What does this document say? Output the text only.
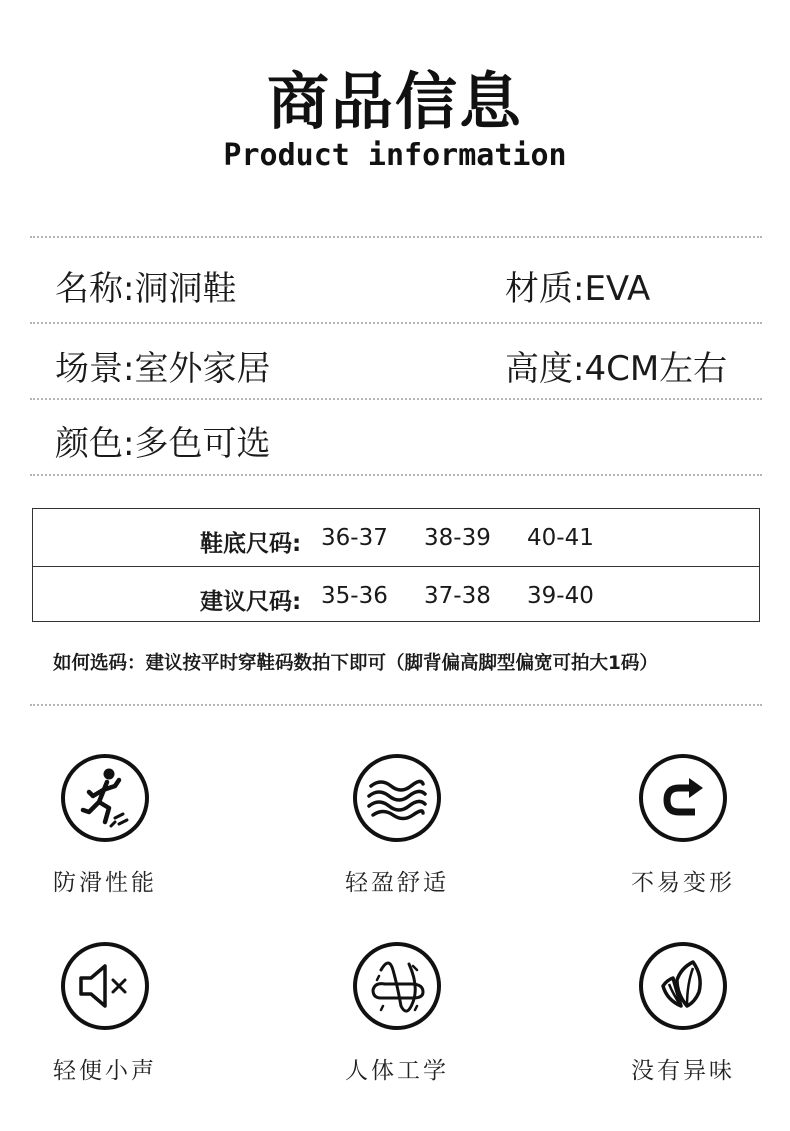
商品信息
Product information
名称:洞洞鞋	材质:EVA
场景:室外家居	高度:4CM左右
颜色:多色可选
鞋底尺码: 36-37 38-39 40-41
建议尺码: 35-36 37-38 39-40
如何选码：建议按平时穿鞋码数拍下即可（脚背偏高脚型偏宽可拍大1码）
防滑性能	轻盈舒适	不易变形
轻便小声	人体工学	没有异味
